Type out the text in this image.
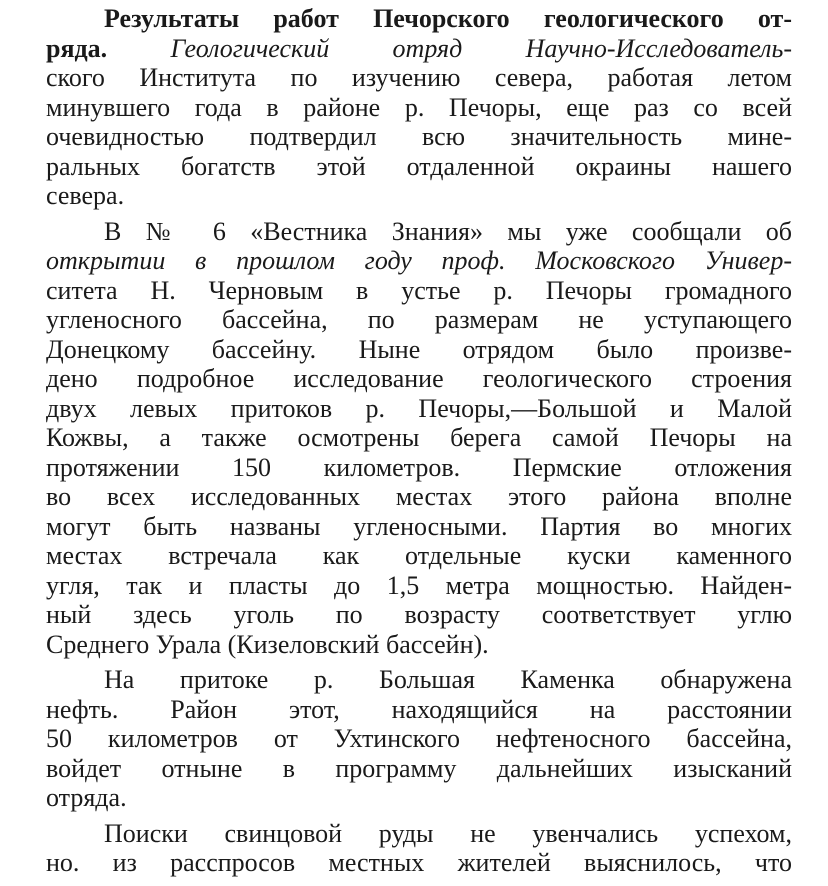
Результаты работ Печорского геологического от-
ряда. Геологический отряд Научно-Исследователь-
ского Института по изучению севера, работая летом
минувшего года в районе р. Печоры, еще раз со всей
очевидностью подтвердил всю значительность мине-
ральных богатств этой отдаленной окраины нашего
севера.
В № 6 «Вестника Знания» мы уже сообщали об
открытии в прошлом году проф. Московского Универ-
ситета Н. Черновым в устье р. Печоры громадного
угленосного бассейна, по размерам не уступающего
Донецкому бассейну. Ныне отрядом было произве-
дено подробное исследование геологического строения
двух левых притоков р. Печоры,—Большой и Малой
Кожвы, а также осмотрены берега самой Печоры на
протяжении 150 километров. Пермские отложения
во всех исследованных местах этого района вполне
могут быть названы угленосными. Партия во многих
местах встречала как отдельные куски каменного
угля, так и пласты до 1,5 метра мощностью. Найден-
ный здесь уголь по возрасту соответствует углю
Среднего Урала (Кизеловский бассейн).
На притоке р. Большая Каменка обнаружена
нефть. Район этот, находящийся на расстоянии
50 километров от Ухтинского нефтеносного бассейна,
войдет отныне в программу дальнейших изысканий
отряда.
Поиски свинцовой руды не увенчались успехом,
но. из расспросов местных жителей выяснилось, что
